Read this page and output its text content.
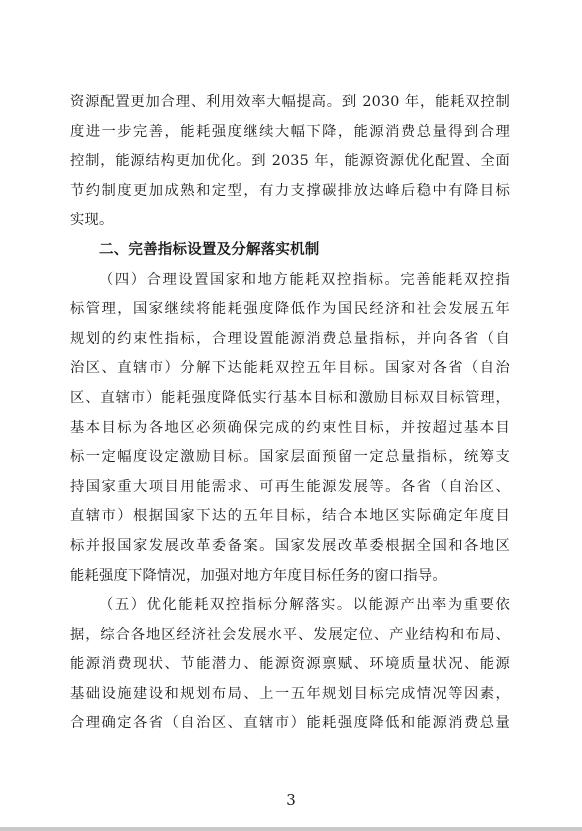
资源配置更加合理、利用效率大幅提高。到 2030 年，能耗双控制
度进一步完善，能耗强度继续大幅下降，能源消费总量得到合理
控制，能源结构更加优化。到 2035 年，能源资源优化配置、全面
节约制度更加成熟和定型，有力支撑碳排放达峰后稳中有降目标
实现。
二、完善指标设置及分解落实机制
（四）合理设置国家和地方能耗双控指标。完善能耗双控指
标管理，国家继续将能耗强度降低作为国民经济和社会发展五年
规划的约束性指标，合理设置能源消费总量指标，并向各省（自
治区、直辖市）分解下达能耗双控五年目标。国家对各省（自治
区、直辖市）能耗强度降低实行基本目标和激励目标双目标管理，
基本目标为各地区必须确保完成的约束性目标，并按超过基本目
标一定幅度设定激励目标。国家层面预留一定总量指标，统筹支
持国家重大项目用能需求、可再生能源发展等。各省（自治区、
直辖市）根据国家下达的五年目标，结合本地区实际确定年度目
标并报国家发展改革委备案。国家发展改革委根据全国和各地区
能耗强度下降情况，加强对地方年度目标任务的窗口指导。
（五）优化能耗双控指标分解落实。以能源产出率为重要依
据，综合各地区经济社会发展水平、发展定位、产业结构和布局、
能源消费现状、节能潜力、能源资源禀赋、环境质量状况、能源
基础设施建设和规划布局、上一五年规划目标完成情况等因素，
合理确定各省（自治区、直辖市）能耗强度降低和能源消费总量
3
